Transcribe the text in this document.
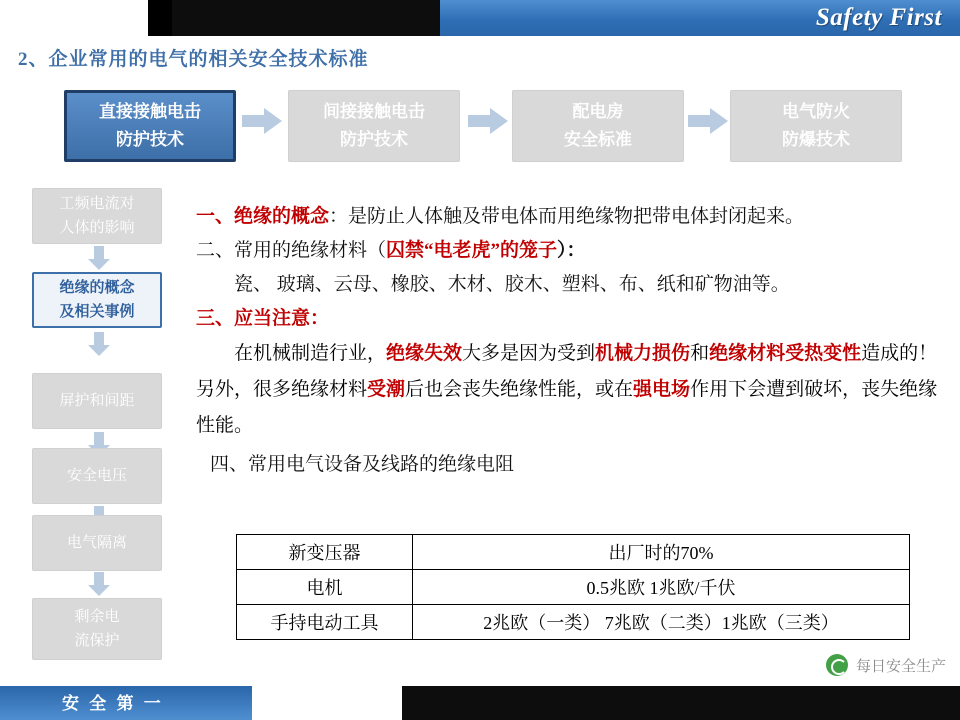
Safety First
2、企业常用的电气的相关安全技术标准
直接接触电击
防护技术
间接接触电击
防护技术
配电房
安全标准
电气防火
防爆技术
工频电流对
人体的影响
绝缘的概念
及相关事例
屏护和间距
安全电压
电气隔离
剩余电
流保护
一、绝缘的概念：是防止人体触及带电体而用绝缘物把带电体封闭起来。
二、常用的绝缘材料（囚禁“电老虎”的笼子）：
瓷、 玻璃、云母、橡胶、木材、胶木、塑料、布、纸和矿物油等。
三、应当注意：
在机械制造行业，绝缘失效大多是因为受到机械力损伤和绝缘材料受热变性造成的！另外，很多绝缘材料受潮后也会丧失绝缘性能，或在强电场作用下会遭到破坏，丧失绝缘性能。
四、常用电气设备及线路的绝缘电阻
新变压器	出厂时的70%
电机	0.5兆欧 1兆欧/千伏
手持电动工具	2兆欧（一类） 7兆欧（二类）1兆欧（三类）
每日安全生产
安 全 第 一
